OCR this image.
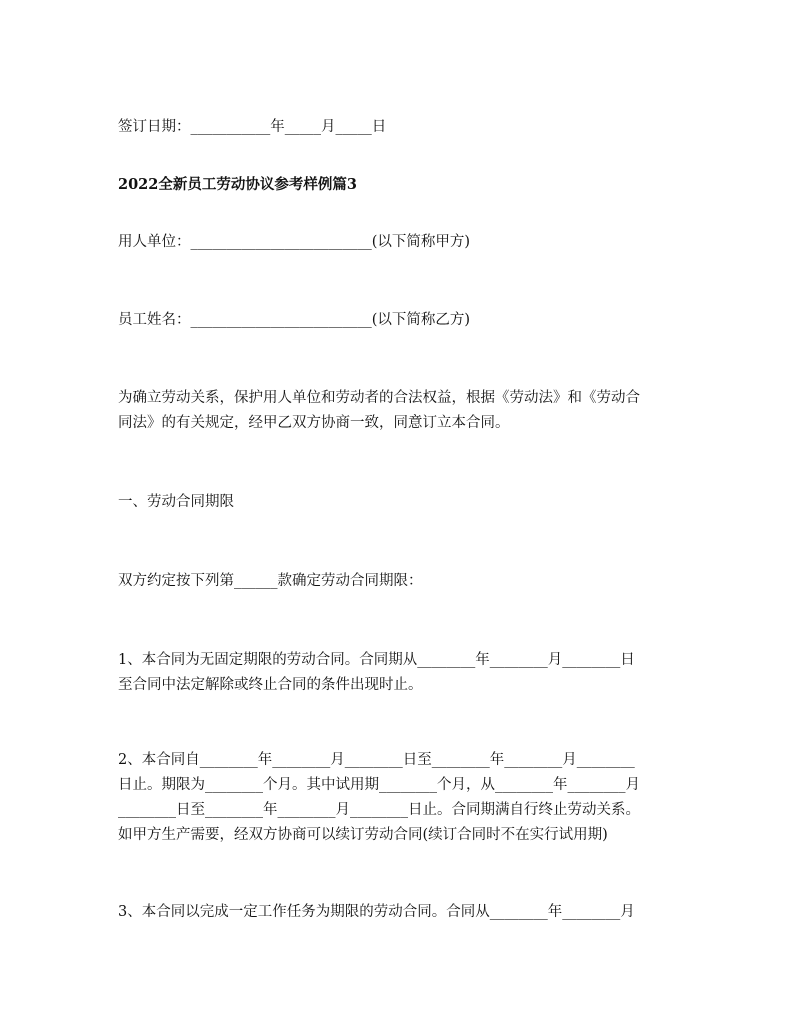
签订日期：___________年_____月_____日

2022全新员工劳动协议参考样例篇3

用人单位：_________________________(以下简称甲方)

员工姓名：_________________________(以下简称乙方)

为确立劳动关系，保护用人单位和劳动者的合法权益，根据《劳动法》和《劳动合

同法》的有关规定，经甲乙双方协商一致，同意订立本合同。

一、劳动合同期限

双方约定按下列第______款确定劳动合同期限：

1、本合同为无固定期限的劳动合同。合同期从________年________月________日

至合同中法定解除或终止合同的条件出现时止。

2、本合同自________年________月________日至________年________月________

日止。期限为________个月。其中试用期________个月，从________年________月

________日至________年________月________日止。合同期满自行终止劳动关系。

如甲方生产需要，经双方协商可以续订劳动合同(续订合同时不在实行试用期)

3、本合同以完成一定工作任务为期限的劳动合同。合同从________年________月
